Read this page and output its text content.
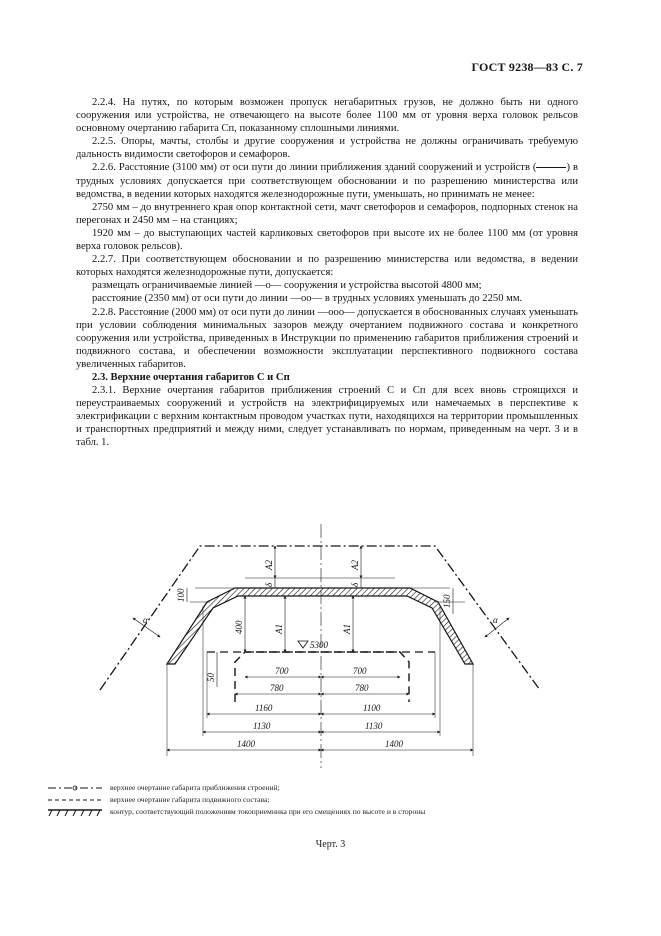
ГОСТ 9238—83 С. 7

2.2.4. На путях, по которым возможен пропуск негабаритных грузов, не должно быть ни одного сооружения или устройства, не отвечающего на высоте более 1100 мм от уровня верха головок рельсов основному очертанию габарита Сп, показанному сплошными линиями.

2.2.5. Опоры, мачты, столбы и другие сооружения и устройства не должны ограничивать требуемую дальность видимости светофоров и семафоров.

2.2.6. Расстояние (3100 мм) от оси пути до линии приближения зданий сооружений и устройств (	) в трудных условиях допускается при соответствующем обосновании и по разрешению министерства или ведомства, в ведении которых находятся железнодорожные пути, уменьшать, но принимать не менее:

2750 мм – до внутреннего края опор контактной сети, мачт светофоров и семафоров, подпорных стенок на перегонах и 2450 мм – на станциях;

1920 мм – до выступающих частей карликовых светофоров при высоте их не более 1100 мм (от уровня верха головок рельсов).

2.2.7. При соответствующем обосновании и по разрешению министерства или ведомства, в ведении которых находятся железнодорожные пути, допускается:

размещать ограничиваемые линией —о— сооружения и устройства высотой 4800 мм;

расстояние (2350 мм) от оси пути до линии —оо— в трудных условиях уменьшать до 2250 мм.

2.2.8. Расстояние (2000 мм) от оси пути до линии —ооо— допускается в обоснованных случаях уменьшать при условии соблюдения минимальных зазоров между очертанием подвижного состава и конкретного сооружения или устройства, приведенных в Инструкции по применению габаритов приближения строений и подвижного состава, и обеспечении возможности эксплуатации перспективного подвижного состава увеличенных габаритов.

2.3. Верхние очертания габаритов С и Сп

2.3.1. Верхние очертания габаритов приближения строений С и Сп для всех вновь строящихся и переустраиваемых сооружений и устройств на электрифицируемых или намечаемых в перспективе к электрификации с верхним контактным проводом участках пути, находящихся на территории промышленных и транспортных предприятий и между ними, следует устанавливать по нормам, приведенным на черт. 3 и в табл. 1.

A2	A2
δ	δ
A1	A1
100	150
400
50
α	α
5300
700	700
780	780
1160	1100
1130	1130
1400	1400
верхнее очертание габарита приближения строений;
верхнее очертание габарита подвижного состава;
контур, соответствующий положениям токоприемника при его смещениях по высоте и в стороны
Черт. 3
